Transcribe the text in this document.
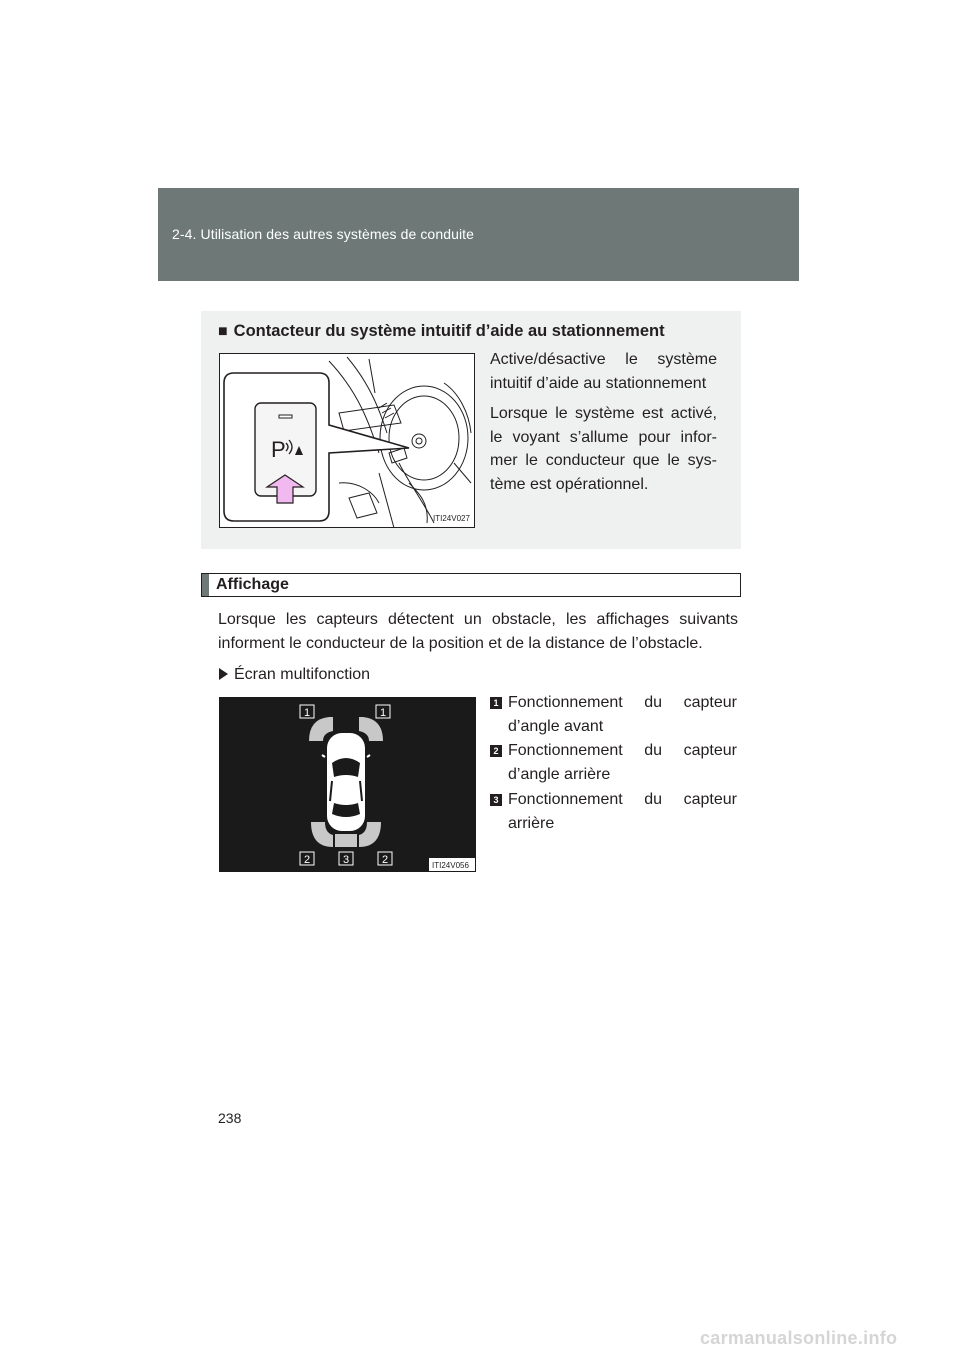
2-4. Utilisation des autres systèmes de conduite
■ Contacteur du système intuitif d’aide au stationnement
P
ITI24V027
Active/désactive le système intuitif d’aide au stationnement
Lorsque le système est activé, le voyant s’allume pour infor-mer le conducteur que le sys-tème est opérationnel.
Affichage
Lorsque les capteurs détectent un obstacle, les affichages suivants informent le conducteur de la position et de la distance de l’obstacle.
Écran multifonction
1	1
2	3	2	ITI24V056
1 Fonctionnement du capteur d’angle avant
2 Fonctionnement du capteur d’angle arrière
3 Fonctionnement du capteur arrière
238
carmanualsonline.info
